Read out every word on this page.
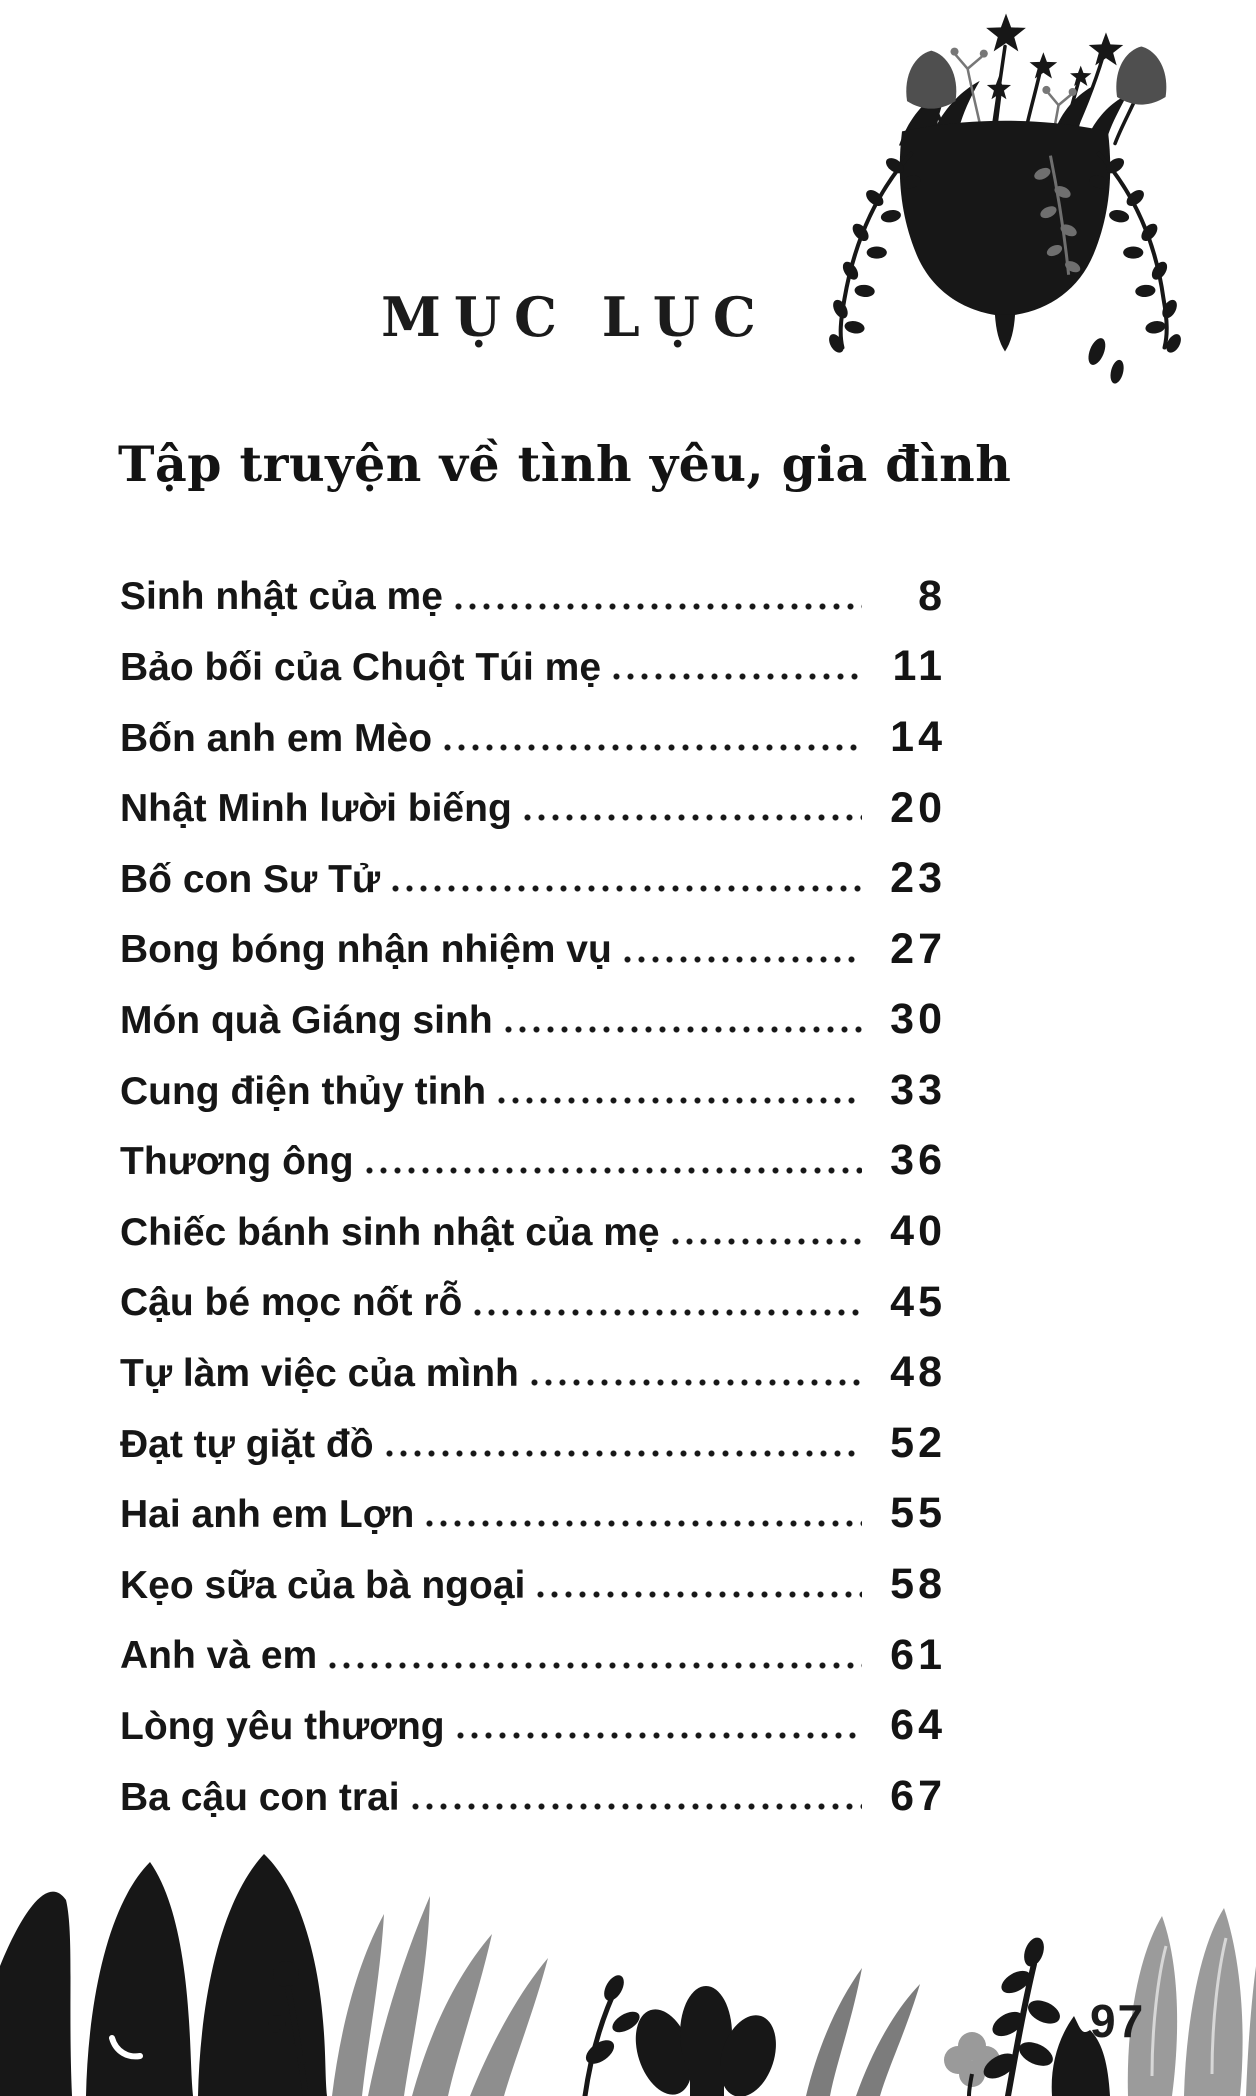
MỤC LỤC
Tập truyện về tình yêu, gia đình
Sinh nhật của mẹ	8
Bảo bối của Chuột Túi mẹ	11
Bốn anh em Mèo	14
Nhật Minh lười biếng	20
Bố con Sư Tử	23
Bong bóng nhận nhiệm vụ	27
Món quà Giáng sinh	30
Cung điện thủy tinh	33
Thương ông	36
Chiếc bánh sinh nhật của mẹ	40
Cậu bé mọc nốt rỗ	45
Tự làm việc của mình	48
Đạt tự giặt đồ	52
Hai anh em Lợn	55
Kẹo sữa của bà ngoại	58
Anh và em	61
Lòng yêu thương	64
Ba cậu con trai	67
97
